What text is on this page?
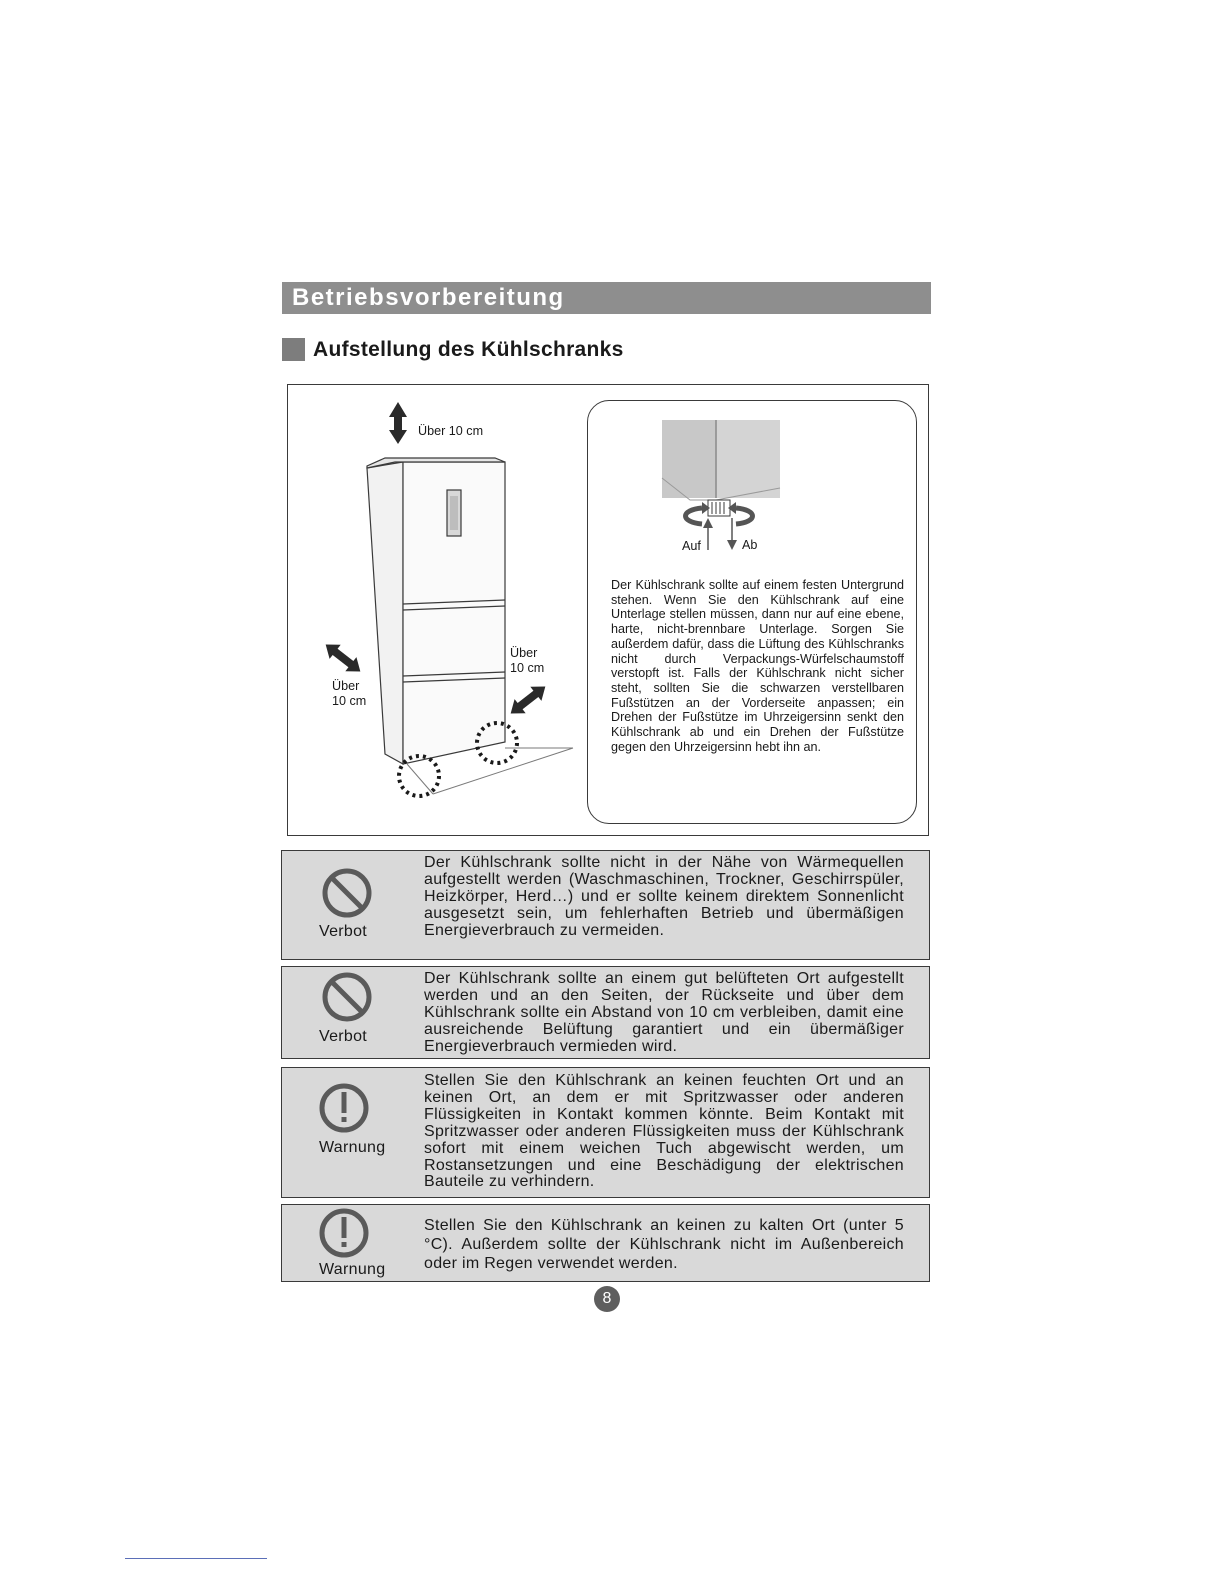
Betriebsvorbereitung
Aufstellung des Kühlschranks
Über 10 cm
Über
10 cm
Über
10 cm
Auf	Ab
Der Kühlschrank sollte auf einem festen Untergrund stehen. Wenn Sie den Kühlschrank auf eine Unterlage stellen müssen, dann nur auf eine ebene, harte, nicht-brennbare Unterlage. Sorgen Sie außerdem dafür, dass die Lüftung des Kühlschranks nicht durch Verpackungs-Würfelschaumstoff verstopft ist. Falls der Kühlschrank nicht sicher steht, sollten Sie die schwarzen verstellbaren Fußstützen an der Vorderseite anpassen; ein Drehen der Fußstütze im Uhrzeigersinn senkt den Kühlschrank ab und ein Drehen der Fußstütze gegen den Uhrzeigersinn hebt ihn an.
Verbot
Der Kühlschrank sollte nicht in der Nähe von Wärmequellen aufgestellt werden (Waschmaschinen, Trockner, Geschirrspüler, Heizkörper, Herd…) und er sollte keinem direktem Sonnenlicht ausgesetzt sein, um fehlerhaften Betrieb und übermäßigen Energieverbrauch zu vermeiden.
Verbot
Der Kühlschrank sollte an einem gut belüfteten Ort aufgestellt werden und an den Seiten, der Rückseite und über dem Kühlschrank sollte ein Abstand von 10 cm verbleiben, damit eine ausreichende Belüftung garantiert und ein übermäßiger Energieverbrauch vermieden wird.
Warnung
Stellen Sie den Kühlschrank an keinen feuchten Ort und an keinen Ort, an dem er mit Spritzwasser oder anderen Flüssigkeiten in Kontakt kommen könnte. Beim Kontakt mit Spritzwasser oder anderen Flüssigkeiten muss der Kühlschrank sofort mit einem weichen Tuch abgewischt werden, um Rostansetzungen und eine Beschädigung der elektrischen Bauteile zu verhindern.
Warnung
Stellen Sie den Kühlschrank an keinen zu kalten Ort (unter 5 °C). Außerdem sollte der Kühlschrank nicht im Außenbereich oder im Regen verwendet werden.
8
